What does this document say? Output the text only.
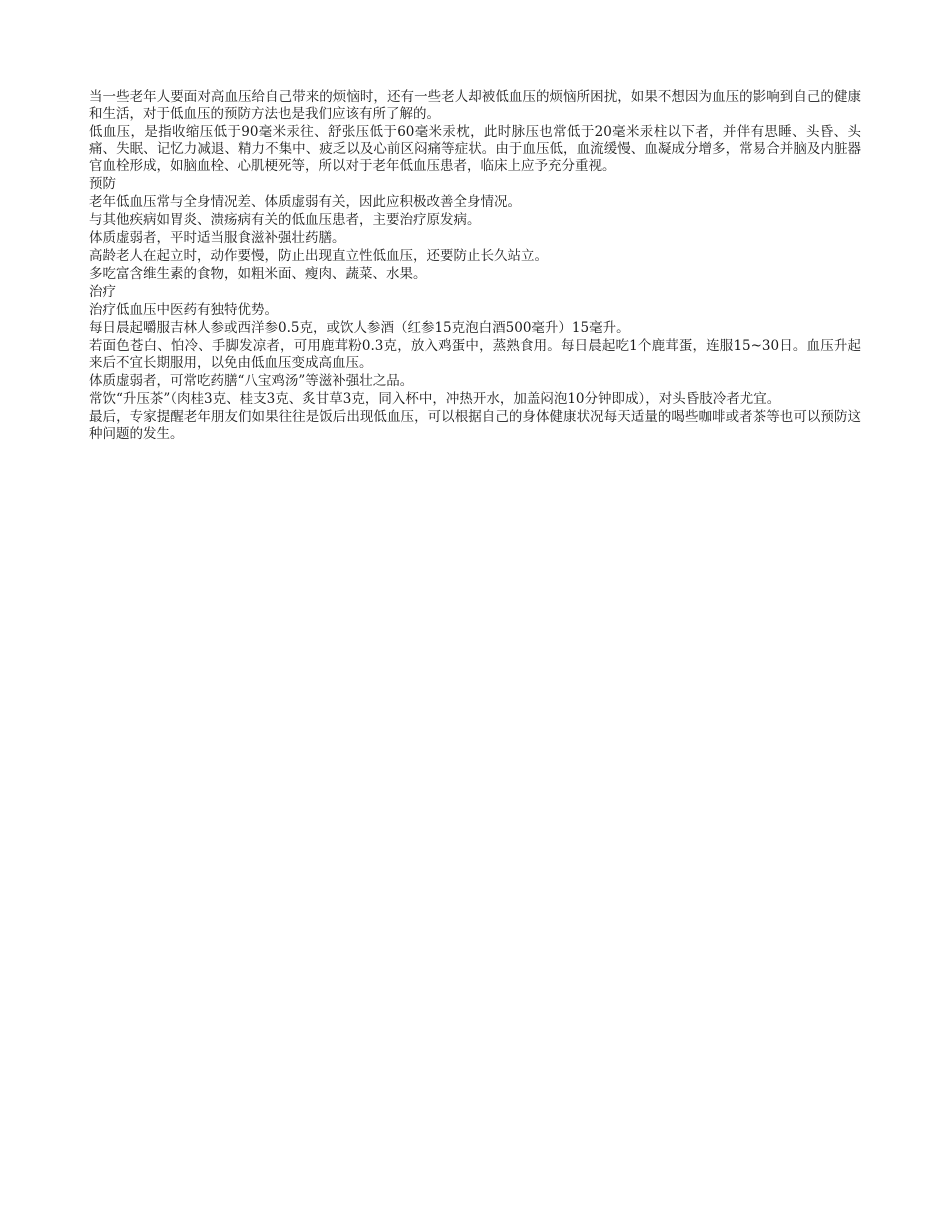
当一些老年人要面对高血压给自己带来的烦恼时，还有一些老人却被低血压的烦恼所困扰，如果不想因为血压的影响到自己的健康和生活，对于低血压的预防方法也是我们应该有所了解的。

低血压，是指收缩压低于90毫米汞往、舒张压低于60毫米汞枕，此时脉压也常低于20毫米汞柱以下者，并伴有思睡、头昏、头痛、失眠、记忆力减退、精力不集中、疲乏以及心前区闷痛等症状。由于血压低，血流缓慢、血凝成分增多，常易合并脑及内脏器官血栓形成，如脑血栓、心肌梗死等，所以对于老年低血压患者，临床上应予充分重视。

预防

老年低血压常与全身情况差、体质虚弱有关，因此应积极改善全身情况。

与其他疾病如胃炎、溃疡病有关的低血压患者，主要治疗原发病。

体质虚弱者，平时适当服食滋补强壮药膳。

高龄老人在起立时，动作要慢，防止出现直立性低血压，还要防止长久站立。

多吃富含维生素的食物，如粗米面、瘦肉、蔬菜、水果。

治疗

治疗低血压中医药有独特优势。

每日晨起嚼服吉林人参或西洋参0.5克，或饮人参酒（红参15克泡白酒500毫升）15毫升。

若面色苍白、怕冷、手脚发凉者，可用鹿茸粉0.3克，放入鸡蛋中，蒸熟食用。每日晨起吃1个鹿茸蛋，连服15~30日。血压升起来后不宜长期服用，以免由低血压变成高血压。

体质虚弱者，可常吃药膳“八宝鸡汤”等滋补强壮之品。

常饮“升压茶”（肉桂3克、桂支3克、炙甘草3克，同入杯中，冲热开水，加盖闷泡10分钟即成），对头昏肢冷者尤宜。

最后，专家提醒老年朋友们如果往往是饭后出现低血压，可以根据自己的身体健康状况每天适量的喝些咖啡或者茶等也可以预防这种问题的发生。
